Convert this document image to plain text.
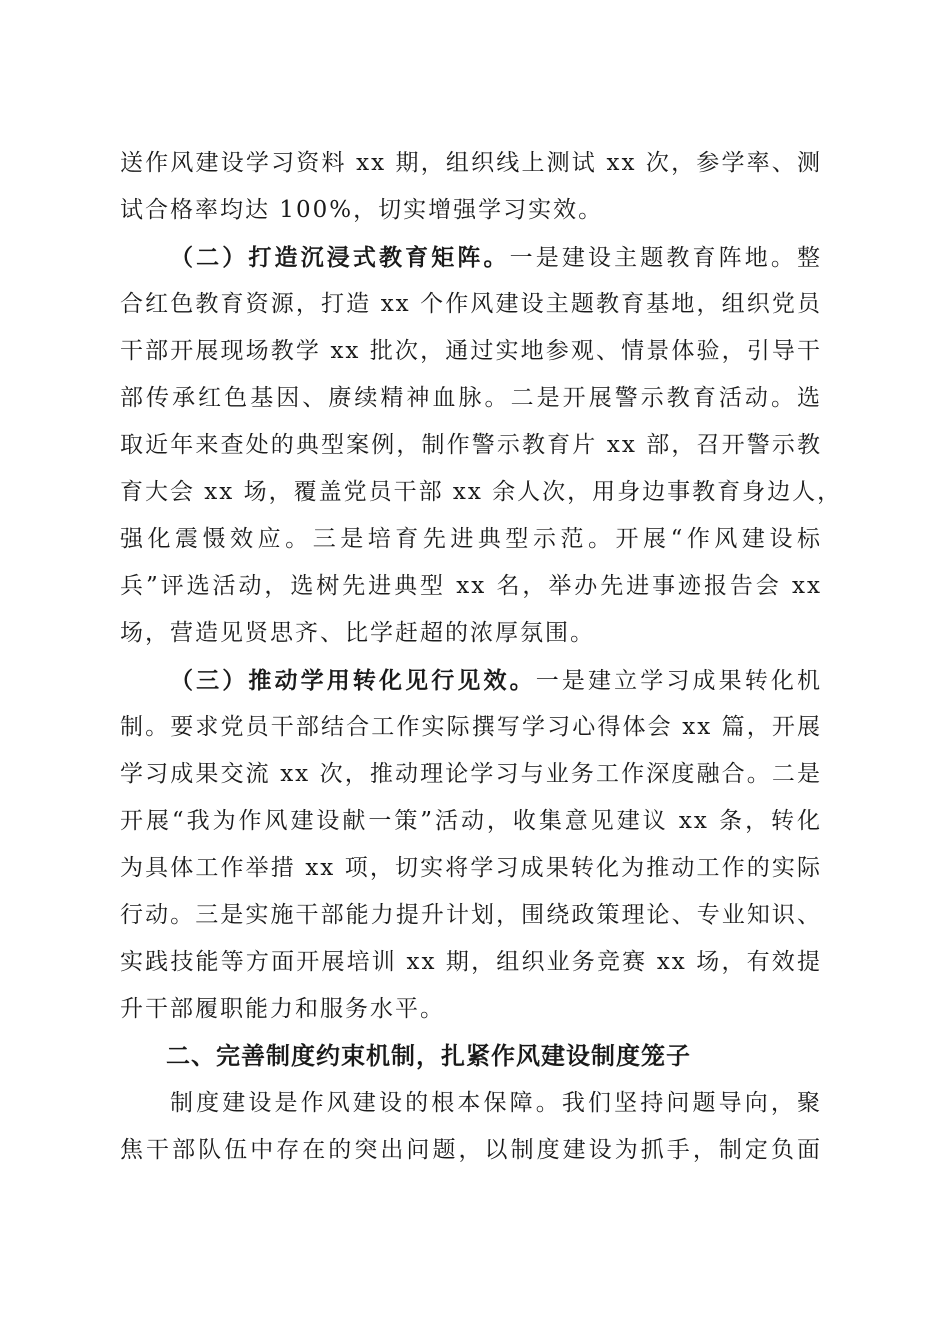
送作风建设学习资料 xx 期，组织线上测试 xx 次，参学率、测
试合格率均达 100%，切实增强学习实效。
（二）打造沉浸式教育矩阵。一是建设主题教育阵地。整
合红色教育资源，打造 xx 个作风建设主题教育基地，组织党员
干部开展现场教学 xx 批次，通过实地参观、情景体验，引导干
部传承红色基因、赓续精神血脉。二是开展警示教育活动。选
取近年来查处的典型案例，制作警示教育片 xx 部，召开警示教
育大会 xx 场，覆盖党员干部 xx 余人次，用身边事教育身边人，
强化震慑效应。三是培育先进典型示范。开展“作风建设标
兵”评选活动，选树先进典型 xx 名，举办先进事迹报告会 xx
场，营造见贤思齐、比学赶超的浓厚氛围。
（三）推动学用转化见行见效。一是建立学习成果转化机
制。要求党员干部结合工作实际撰写学习心得体会 xx 篇，开展
学习成果交流 xx 次，推动理论学习与业务工作深度融合。二是
开展“我为作风建设献一策”活动，收集意见建议 xx 条，转化
为具体工作举措 xx 项，切实将学习成果转化为推动工作的实际
行动。三是实施干部能力提升计划，围绕政策理论、专业知识、
实践技能等方面开展培训 xx 期，组织业务竞赛 xx 场，有效提
升干部履职能力和服务水平。
二、完善制度约束机制，扎紧作风建设制度笼子
制度建设是作风建设的根本保障。我们坚持问题导向，聚
焦干部队伍中存在的突出问题，以制度建设为抓手，制定负面
